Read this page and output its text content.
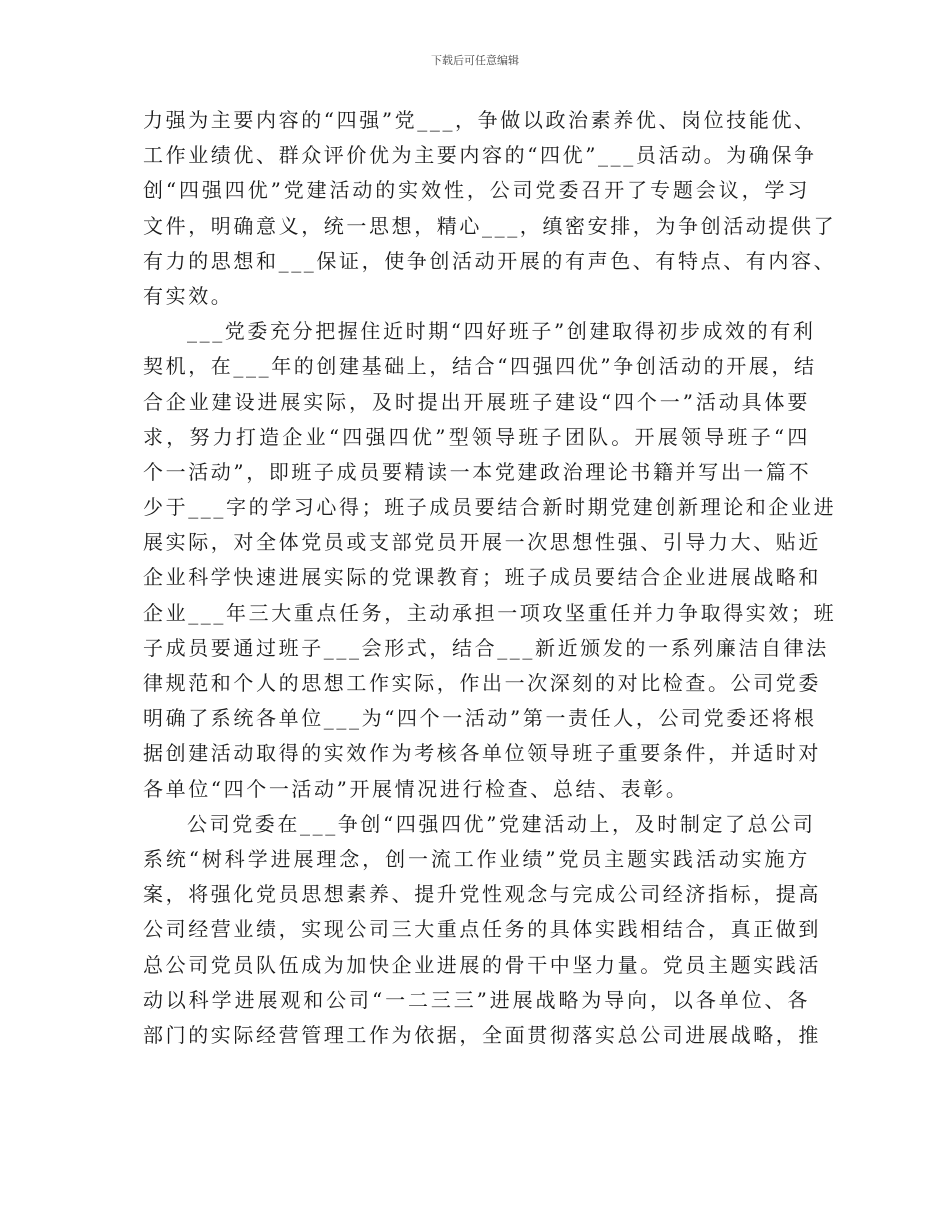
下载后可任意编辑
力强为主要内容的“四强”党___，争做以政治素养优、岗位技能优、
工作业绩优、群众评价优为主要内容的“四优”___员活动。为确保争
创“四强四优”党建活动的实效性，公司党委召开了专题会议，学习
文件，明确意义，统一思想，精心___，缜密安排，为争创活动提供了
有力的思想和___保证，使争创活动开展的有声色、有特点、有内容、
有实效。
___党委充分把握住近时期“四好班子”创建取得初步成效的有利
契机，在___年的创建基础上，结合“四强四优”争创活动的开展，结
合企业建设进展实际，及时提出开展班子建设“四个一”活动具体要
求，努力打造企业“四强四优”型领导班子团队。开展领导班子“四
个一活动”，即班子成员要精读一本党建政治理论书籍并写出一篇不
少于___字的学习心得；班子成员要结合新时期党建创新理论和企业进
展实际，对全体党员或支部党员开展一次思想性强、引导力大、贴近
企业科学快速进展实际的党课教育；班子成员要结合企业进展战略和
企业___年三大重点任务，主动承担一项攻坚重任并力争取得实效；班
子成员要通过班子___会形式，结合___新近颁发的一系列廉洁自律法
律规范和个人的思想工作实际，作出一次深刻的对比检查。公司党委
明确了系统各单位___为“四个一活动”第一责任人，公司党委还将根
据创建活动取得的实效作为考核各单位领导班子重要条件，并适时对
各单位“四个一活动”开展情况进行检查、总结、表彰。
公司党委在___争创“四强四优”党建活动上，及时制定了总公司
系统“树科学进展理念，创一流工作业绩”党员主题实践活动实施方
案，将强化党员思想素养、提升党性观念与完成公司经济指标，提高
公司经营业绩，实现公司三大重点任务的具体实践相结合，真正做到
总公司党员队伍成为加快企业进展的骨干中坚力量。党员主题实践活
动以科学进展观和公司“一二三三”进展战略为导向，以各单位、各
部门的实际经营管理工作为依据，全面贯彻落实总公司进展战略，推
